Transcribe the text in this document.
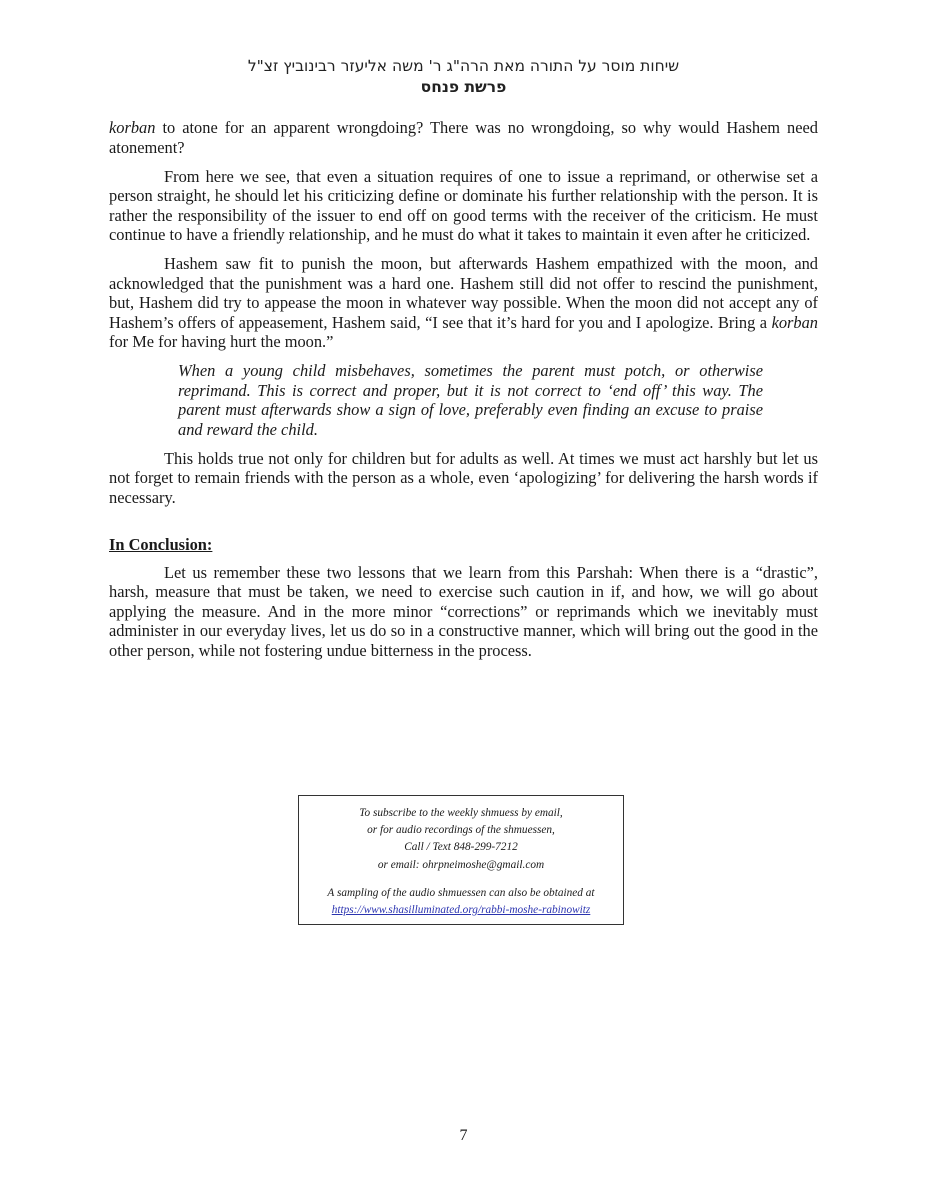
שיחות מוסר על התורה מאת הרה"ג ר' משה אליעזר רבינוביץ זצ"ל
פרשת פנחס

korban to atone for an apparent wrongdoing? There was no wrongdoing, so why would Hashem need atonement?

From here we see, that even a situation requires of one to issue a reprimand, or otherwise set a person straight, he should let his criticizing define or dominate his further relationship with the person. It is rather the responsibility of the issuer to end off on good terms with the receiver of the criticism. He must continue to have a friendly relationship, and he must do what it takes to maintain it even after he criticized.

Hashem saw fit to punish the moon, but afterwards Hashem empathized with the moon, and acknowledged that the punishment was a hard one. Hashem still did not offer to rescind the punishment, but, Hashem did try to appease the moon in whatever way possible. When the moon did not accept any of Hashem’s offers of appeasement, Hashem said, “I see that it’s hard for you and I apologize. Bring a korban for Me for having hurt the moon.”

When a young child misbehaves, sometimes the parent must potch, or otherwise reprimand. This is correct and proper, but it is not correct to ‘end off’ this way. The parent must afterwards show a sign of love, preferably even finding an excuse to praise and reward the child.

This holds true not only for children but for adults as well. At times we must act harshly but let us not forget to remain friends with the person as a whole, even ‘apologizing’ for delivering the harsh words if necessary.

In Conclusion:

Let us remember these two lessons that we learn from this Parshah: When there is a “drastic”, harsh, measure that must be taken, we need to exercise such caution in if, and how, we will go about applying the measure. And in the more minor “corrections” or reprimands which we inevitably must administer in our everyday lives, let us do so in a constructive manner, which will bring out the good in the other person, while not fostering undue bitterness in the process.

To subscribe to the weekly shmuess by email,
or for audio recordings of the shmuessen,
Call / Text 848-299-7212
or email: ohrpneimoshe@gmail.com
A sampling of the audio shmuessen can also be obtained at
https://www.shasilluminated.org/rabbi-moshe-rabinowitz
7
